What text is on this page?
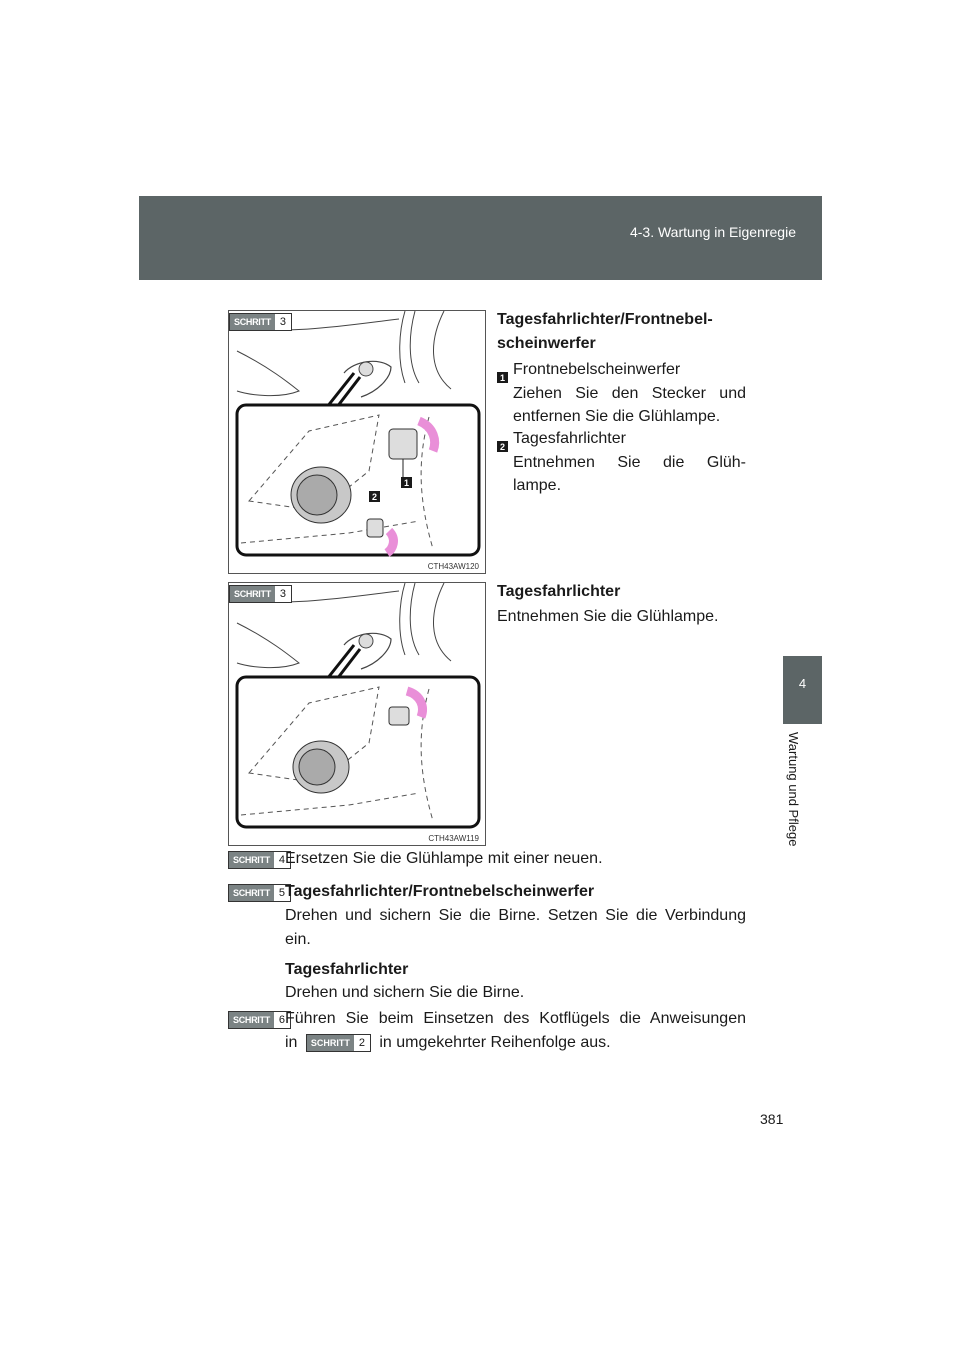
4-3. Wartung in Eigenregie
4
Wartung und Pflege
SCHRITT 3
1
2
CTH43AW120
Tagesfahrlichter/Frontnebel-
scheinwerfer
1 Frontnebelscheinwerfer
Ziehen Sie den Stecker und
entfernen Sie die Glühlampe.
2 Tagesfahrlichter
Entnehmen Sie die Glüh-
lampe.
SCHRITT 3
CTH43AW119
Tagesfahrlichter
Entnehmen Sie die Glühlampe.
SCHRITT 4 Ersetzen Sie die Glühlampe mit einer neuen.
SCHRITT 5 Tagesfahrlichter/Frontnebelscheinwerfer
Drehen und sichern Sie die Birne. Setzen Sie die Verbindung
ein.
Tagesfahrlichter
Drehen und sichern Sie die Birne.
SCHRITT 6 Führen Sie beim Einsetzen des Kotflügels die Anweisungen
in	SCHRITT 2 in umgekehrter Reihenfolge aus.
381
